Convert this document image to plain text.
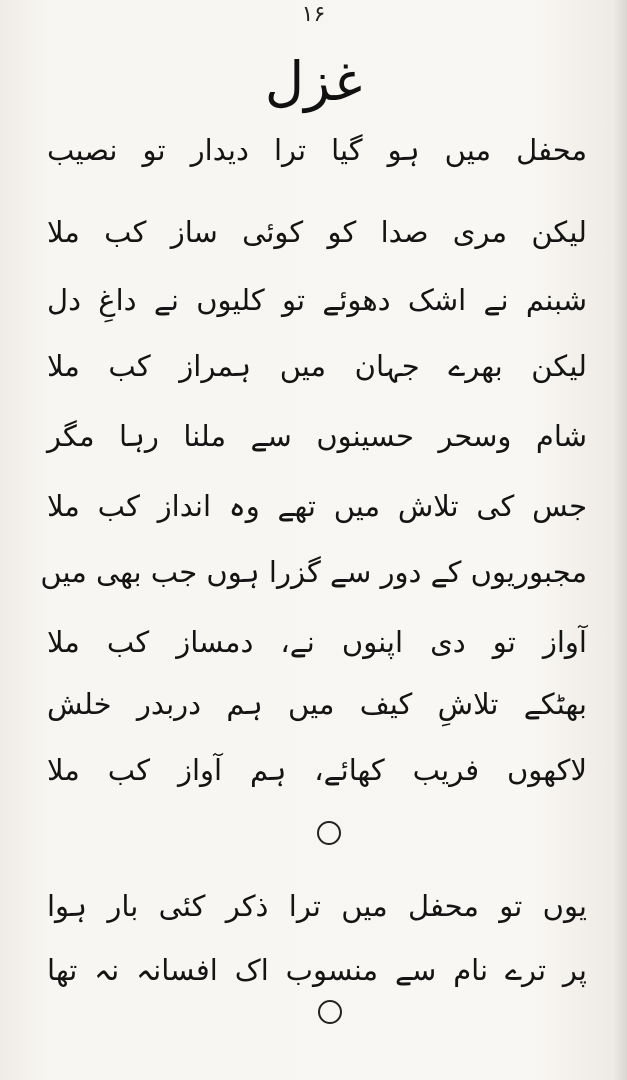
۱۶
غزل
محفل میں ہو گیا ترا دیدار تو نصیب
لیکن مری صدا کو کوئی ساز کب ملا
شبنم نے اشک دھوئے تو کلیوں نے داغِ دل
لیکن بھرے جہان میں ہمراز کب ملا
شام وسحر حسینوں سے ملنا رہا مگر
جس کی تلاش میں تھے وہ انداز کب ملا
مجبوریوں کے دور سے گزرا ہوں جب بھی میں
آواز تو دی اپنوں نے، دمساز کب ملا
بھٹکے تلاشِ کیف میں ہم دربدر خلش
لاکھوں فریب کھائے، ہم آواز کب ملا
یوں تو محفل میں ترا ذکر کئی بار ہوا
پر ترے نام سے منسوب اک افسانہ نہ تھا
